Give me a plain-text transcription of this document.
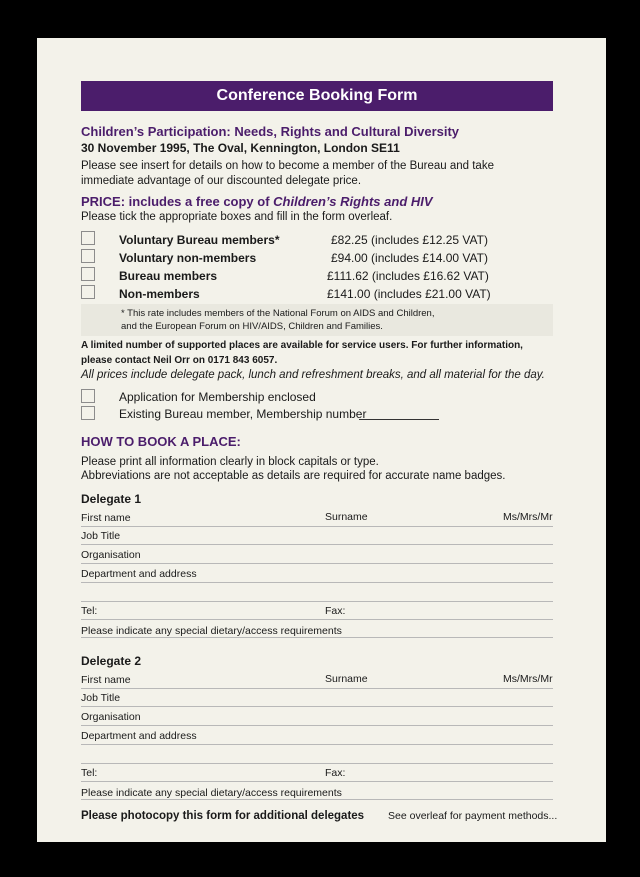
Conference Booking Form
Children’s Participation: Needs, Rights and Cultural Diversity
30 November 1995, The Oval, Kennington, London SE11
Please see insert for details on how to become a member of the Bureau and take
immediate advantage of our discounted delegate price.
PRICE: includes a free copy of Children’s Rights and HIV
Please tick the appropriate boxes and fill in the form overleaf.
Voluntary Bureau members*	£82.25 (includes £12.25 VAT)
Voluntary non-members	£94.00 (includes £14.00 VAT)
Bureau members	£111.62 (includes £16.62 VAT)
Non-members	£141.00 (includes £21.00 VAT)
* This rate includes members of the National Forum on AIDS and Children,
and the European Forum on HIV/AIDS, Children and Families.
A limited number of supported places are available for service users. For further information,
please contact Neil Orr on 0171 843 6057.
All prices include delegate pack, lunch and refreshment breaks, and all material for the day.
Application for Membership enclosed
Existing Bureau member, Membership number
HOW TO BOOK A PLACE:
Please print all information clearly in block capitals or type.
Abbreviations are not acceptable as details are required for accurate name badges.
Delegate 1
First name	Surname	Ms/Mrs/Mr
Job Title
Organisation
Department and address
Tel:	Fax:
Please indicate any special dietary/access requirements
Delegate 2
First name	Surname	Ms/Mrs/Mr
Job Title
Organisation
Department and address
Tel:	Fax:
Please indicate any special dietary/access requirements
Please photocopy this form for additional delegates See overleaf for payment methods...
